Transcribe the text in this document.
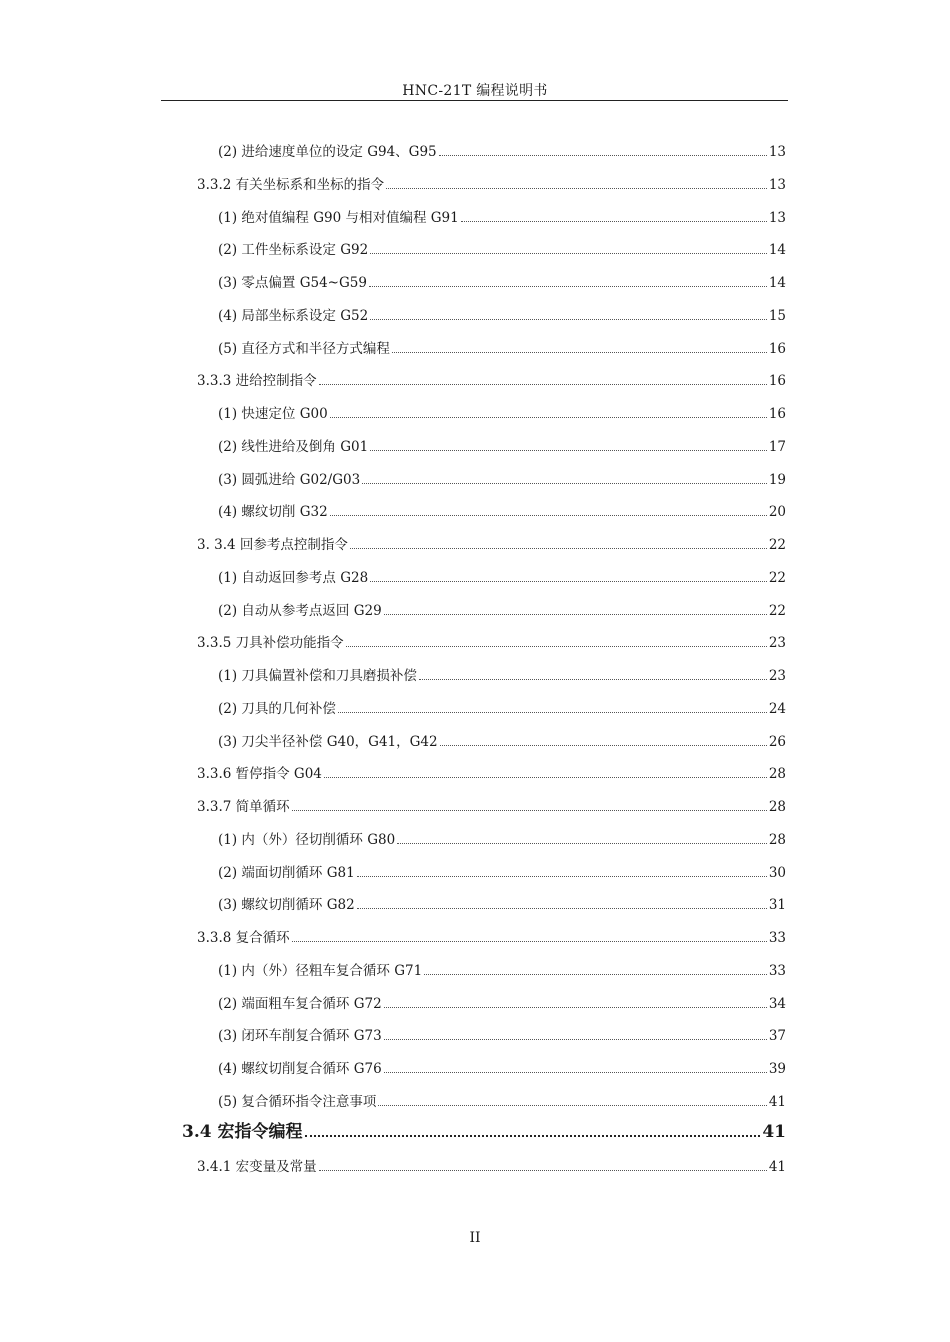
HNC-21T 编程说明书
(2) 进给速度单位的设定 G94、G95	13
3.3.2 有关坐标系和坐标的指令	13
(1) 绝对值编程 G90 与相对值编程 G91	13
(2) 工件坐标系设定 G92	14
(3) 零点偏置 G54~G59	14
(4) 局部坐标系设定 G52	15
(5) 直径方式和半径方式编程	16
3.3.3 进给控制指令	16
(1) 快速定位 G00	16
(2) 线性进给及倒角 G01	17
(3) 圆弧进给 G02/G03	19
(4) 螺纹切削 G32	20
3. 3.4 回参考点控制指令	22
(1) 自动返回参考点 G28	22
(2) 自动从参考点返回 G29	22
3.3.5 刀具补偿功能指令	23
(1) 刀具偏置补偿和刀具磨损补偿	23
(2) 刀具的几何补偿	24
(3) 刀尖半径补偿 G40，G41，G42	26
3.3.6 暂停指令 G04	28
3.3.7 简单循环	28
(1) 内（外）径切削循环 G80	28
(2) 端面切削循环 G81	30
(3) 螺纹切削循环 G82	31
3.3.8 复合循环	33
(1) 内（外）径粗车复合循环 G71	33
(2) 端面粗车复合循环 G72	34
(3) 闭环车削复合循环 G73	37
(4) 螺纹切削复合循环 G76	39
(5) 复合循环指令注意事项	41
3.4 宏指令编程	41
3.4.1 宏变量及常量	41
II
